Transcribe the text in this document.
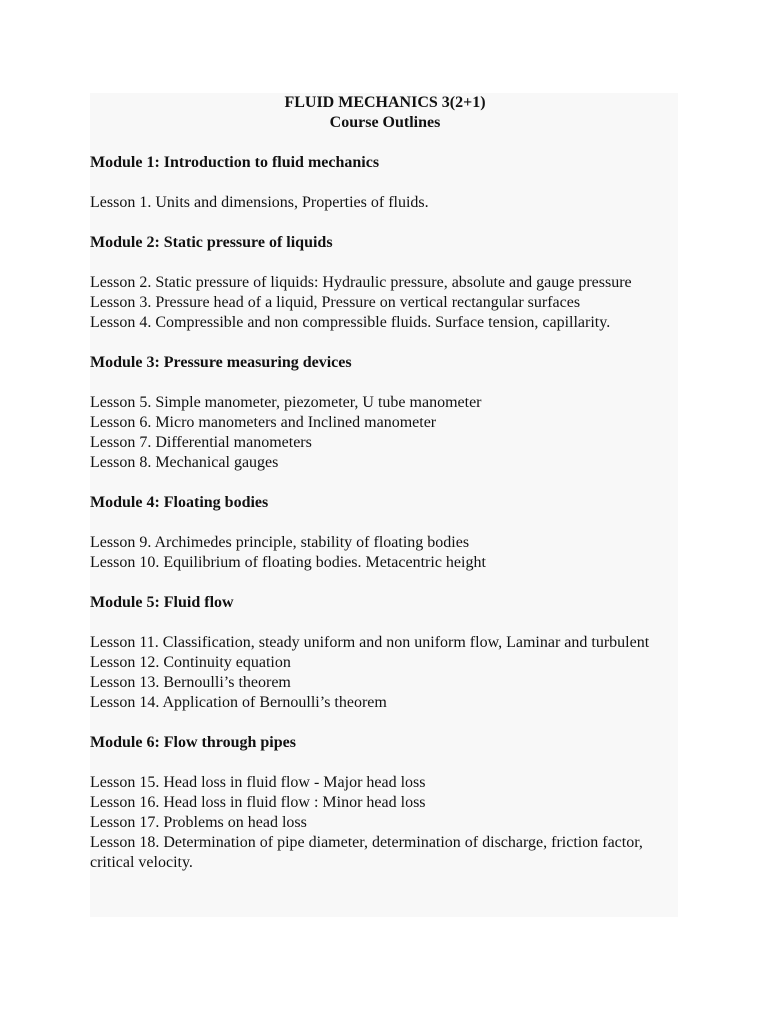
FLUID MECHANICS 3(2+1)

Course Outlines

Module 1: Introduction to fluid mechanics

Lesson 1. Units and dimensions, Properties of fluids.

Module 2: Static pressure of liquids

Lesson 2. Static pressure of liquids: Hydraulic pressure, absolute and gauge pressure

Lesson 3. Pressure head of a liquid, Pressure on vertical rectangular surfaces

Lesson 4. Compressible and non compressible fluids. Surface tension, capillarity.

Module 3: Pressure measuring devices

Lesson 5. Simple manometer, piezometer, U tube manometer

Lesson 6. Micro manometers and Inclined manometer

Lesson 7. Differential manometers

Lesson 8. Mechanical gauges

Module 4: Floating bodies

Lesson 9. Archimedes principle, stability of floating bodies

Lesson 10. Equilibrium of floating bodies. Metacentric height

Module 5: Fluid flow

Lesson 11. Classification, steady uniform and non uniform flow, Laminar and turbulent

Lesson 12. Continuity equation

Lesson 13. Bernoulli’s theorem

Lesson 14. Application of Bernoulli’s theorem

Module 6: Flow through pipes

Lesson 15. Head loss in fluid flow - Major head loss

Lesson 16. Head loss in fluid flow : Minor head loss

Lesson 17. Problems on head loss

Lesson 18. Determination of pipe diameter, determination of discharge, friction factor, critical velocity.
